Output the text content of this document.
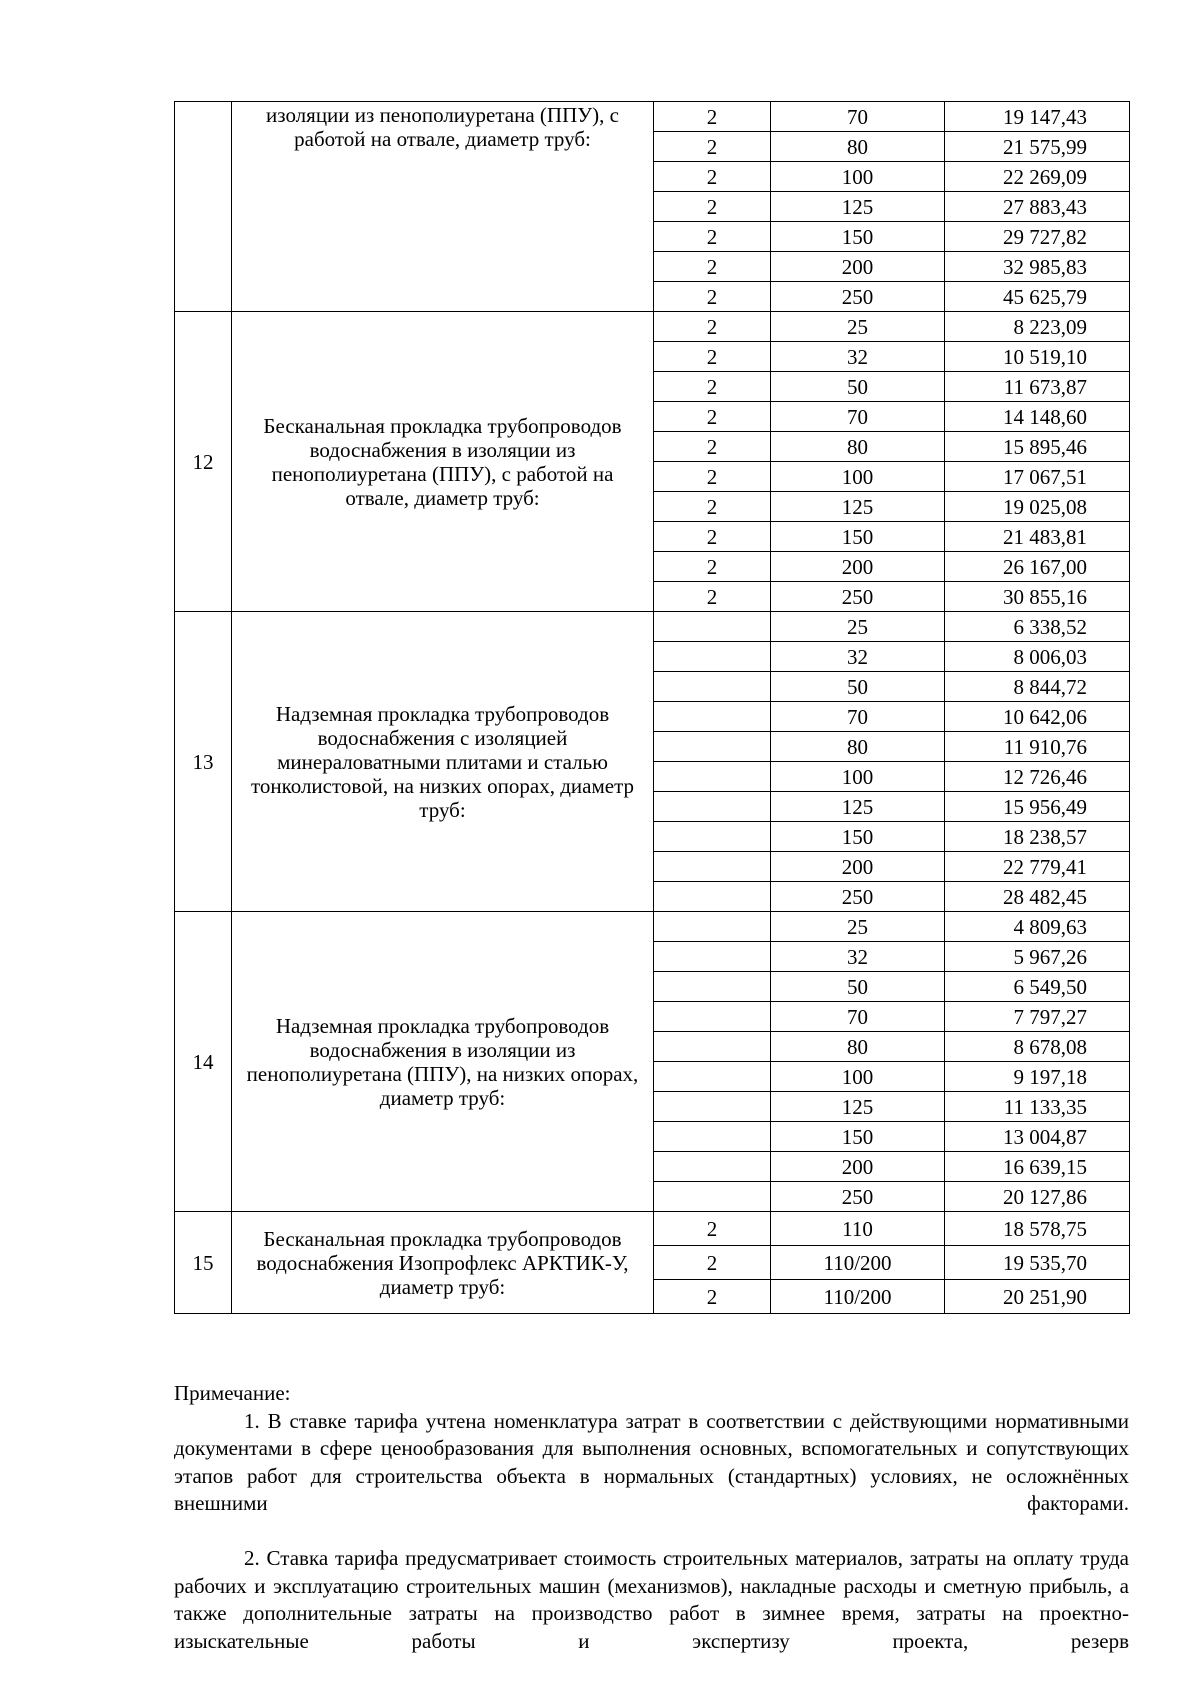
	изоляции из пенополиуретана (ППУ), с работой на отвале, диаметр труб:	2	70	19 147,43
		2	80	21 575,99
		2	100	22 269,09
		2	125	27 883,43
		2	150	29 727,82
		2	200	32 985,83
		2	250	45 625,79
12	Бесканальная прокладка трубопроводов водоснабжения в изоляции из пенополиуретана (ППУ), с работой на отвале, диаметр труб:	2	25	8 223,09
		2	32	10 519,10
		2	50	11 673,87
		2	70	14 148,60
		2	80	15 895,46
		2	100	17 067,51
		2	125	19 025,08
		2	150	21 483,81
		2	200	26 167,00
		2	250	30 855,16
13	Надземная прокладка трубопроводов водоснабжения с изоляцией минераловатными плитами и сталью тонколистовой, на низких опорах, диаметр труб:		25	6 338,52
			32	8 006,03
			50	8 844,72
			70	10 642,06
			80	11 910,76
			100	12 726,46
			125	15 956,49
			150	18 238,57
			200	22 779,41
			250	28 482,45
14	Надземная прокладка трубопроводов водоснабжения в изоляции из пенополиуретана (ППУ), на низких опорах, диаметр труб:		25	4 809,63
			32	5 967,26
			50	6 549,50
			70	7 797,27
			80	8 678,08
			100	9 197,18
			125	11 133,35
			150	13 004,87
			200	16 639,15
			250	20 127,86
15	Бесканальная прокладка трубопроводов водоснабжения Изопрофлекс АРКТИК-У, диаметр труб:	2	110	18 578,75
		2	110/200	19 535,70
		2	110/200	20 251,90

Примечание:

1. В ставке тарифа учтена номенклатура затрат в соответствии с действующими нормативными документами в сфере ценообразования для выполнения основных, вспомогательных и сопутствующих этапов работ для строительства объекта в нормальных (стандартных) условиях, не осложнённых внешними факторами.

2. Ставка тарифа предусматривает стоимость строительных материалов, затраты на оплату труда рабочих и эксплуатацию строительных машин (механизмов), накладные расходы и сметную прибыль, а также дополнительные затраты на производство работ в зимнее время, затраты на проектно-изыскательные работы и экспертизу проекта, резерв
